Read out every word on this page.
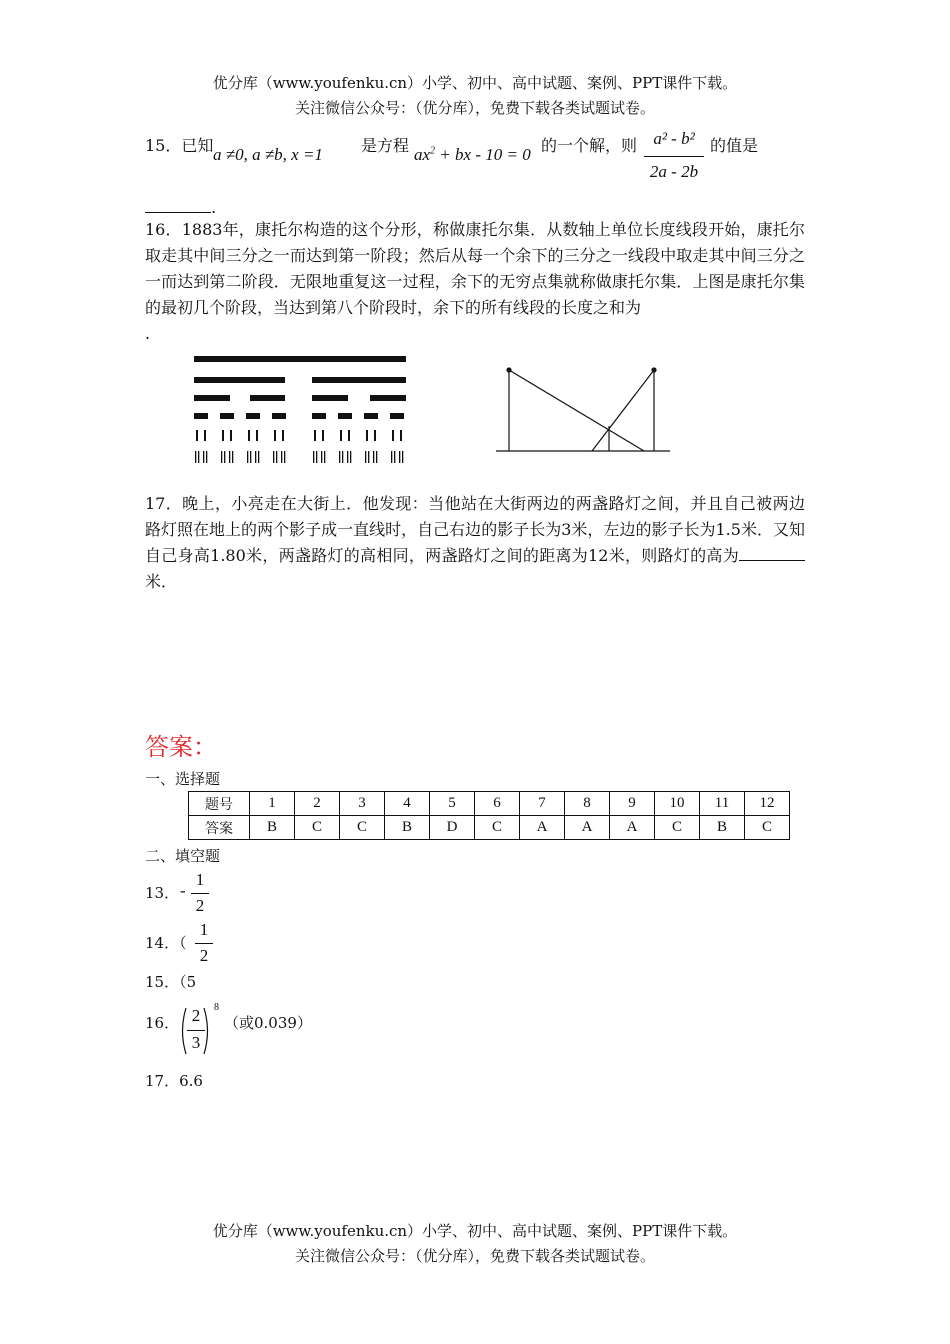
优分库（www.youfenku.cn）小学、初中、高中试题、案例、PPT课件下载。
关注微信公众号：（优分库），免费下载各类试题试卷。
15．已知 a ≠0, a ≠b, x =1 是方程 $ax^2$ + bx - 10 = 0 的一个解，则 a² - b²
2a - 2b
的值是
.
16．1883年，康托尔构造的这个分形，称做康托尔集．从数轴上单位长度线段开始，康托尔取走其中间三分之一而达到第一阶段；然后从每一个余下的三分之一线段中取走其中间三分之一而达到第二阶段．无限地重复这一过程，余下的无穷点集就称做康托尔集．上图是康托尔集的最初几个阶段，当达到第八个阶段时，余下的所有线段的长度之和为
.
17．晚上，小亮走在大街上．他发现：当他站在大街两边的两盏路灯之间，并且自己被两边路灯照在地上的两个影子成一直线时，自己右边的影子长为3米，左边的影子长为1.5米．又知自己身高1.80米，两盏路灯的高相同，两盏路灯之间的距离为12米，则路灯的高为米．
答案：
一、选择题
题号	1	2	3	4	5	6	7	8	9	10	11	12
答案	B	C	C	B	D	C	A	A	A	C	B	C
二、填空题
13． -
1
2
14．（
1
2
15．（5
16． 2
3
8
（或0.039）
17．6.6
优分库（www.youfenku.cn）小学、初中、高中试题、案例、PPT课件下载。
关注微信公众号：（优分库），免费下载各类试题试卷。
